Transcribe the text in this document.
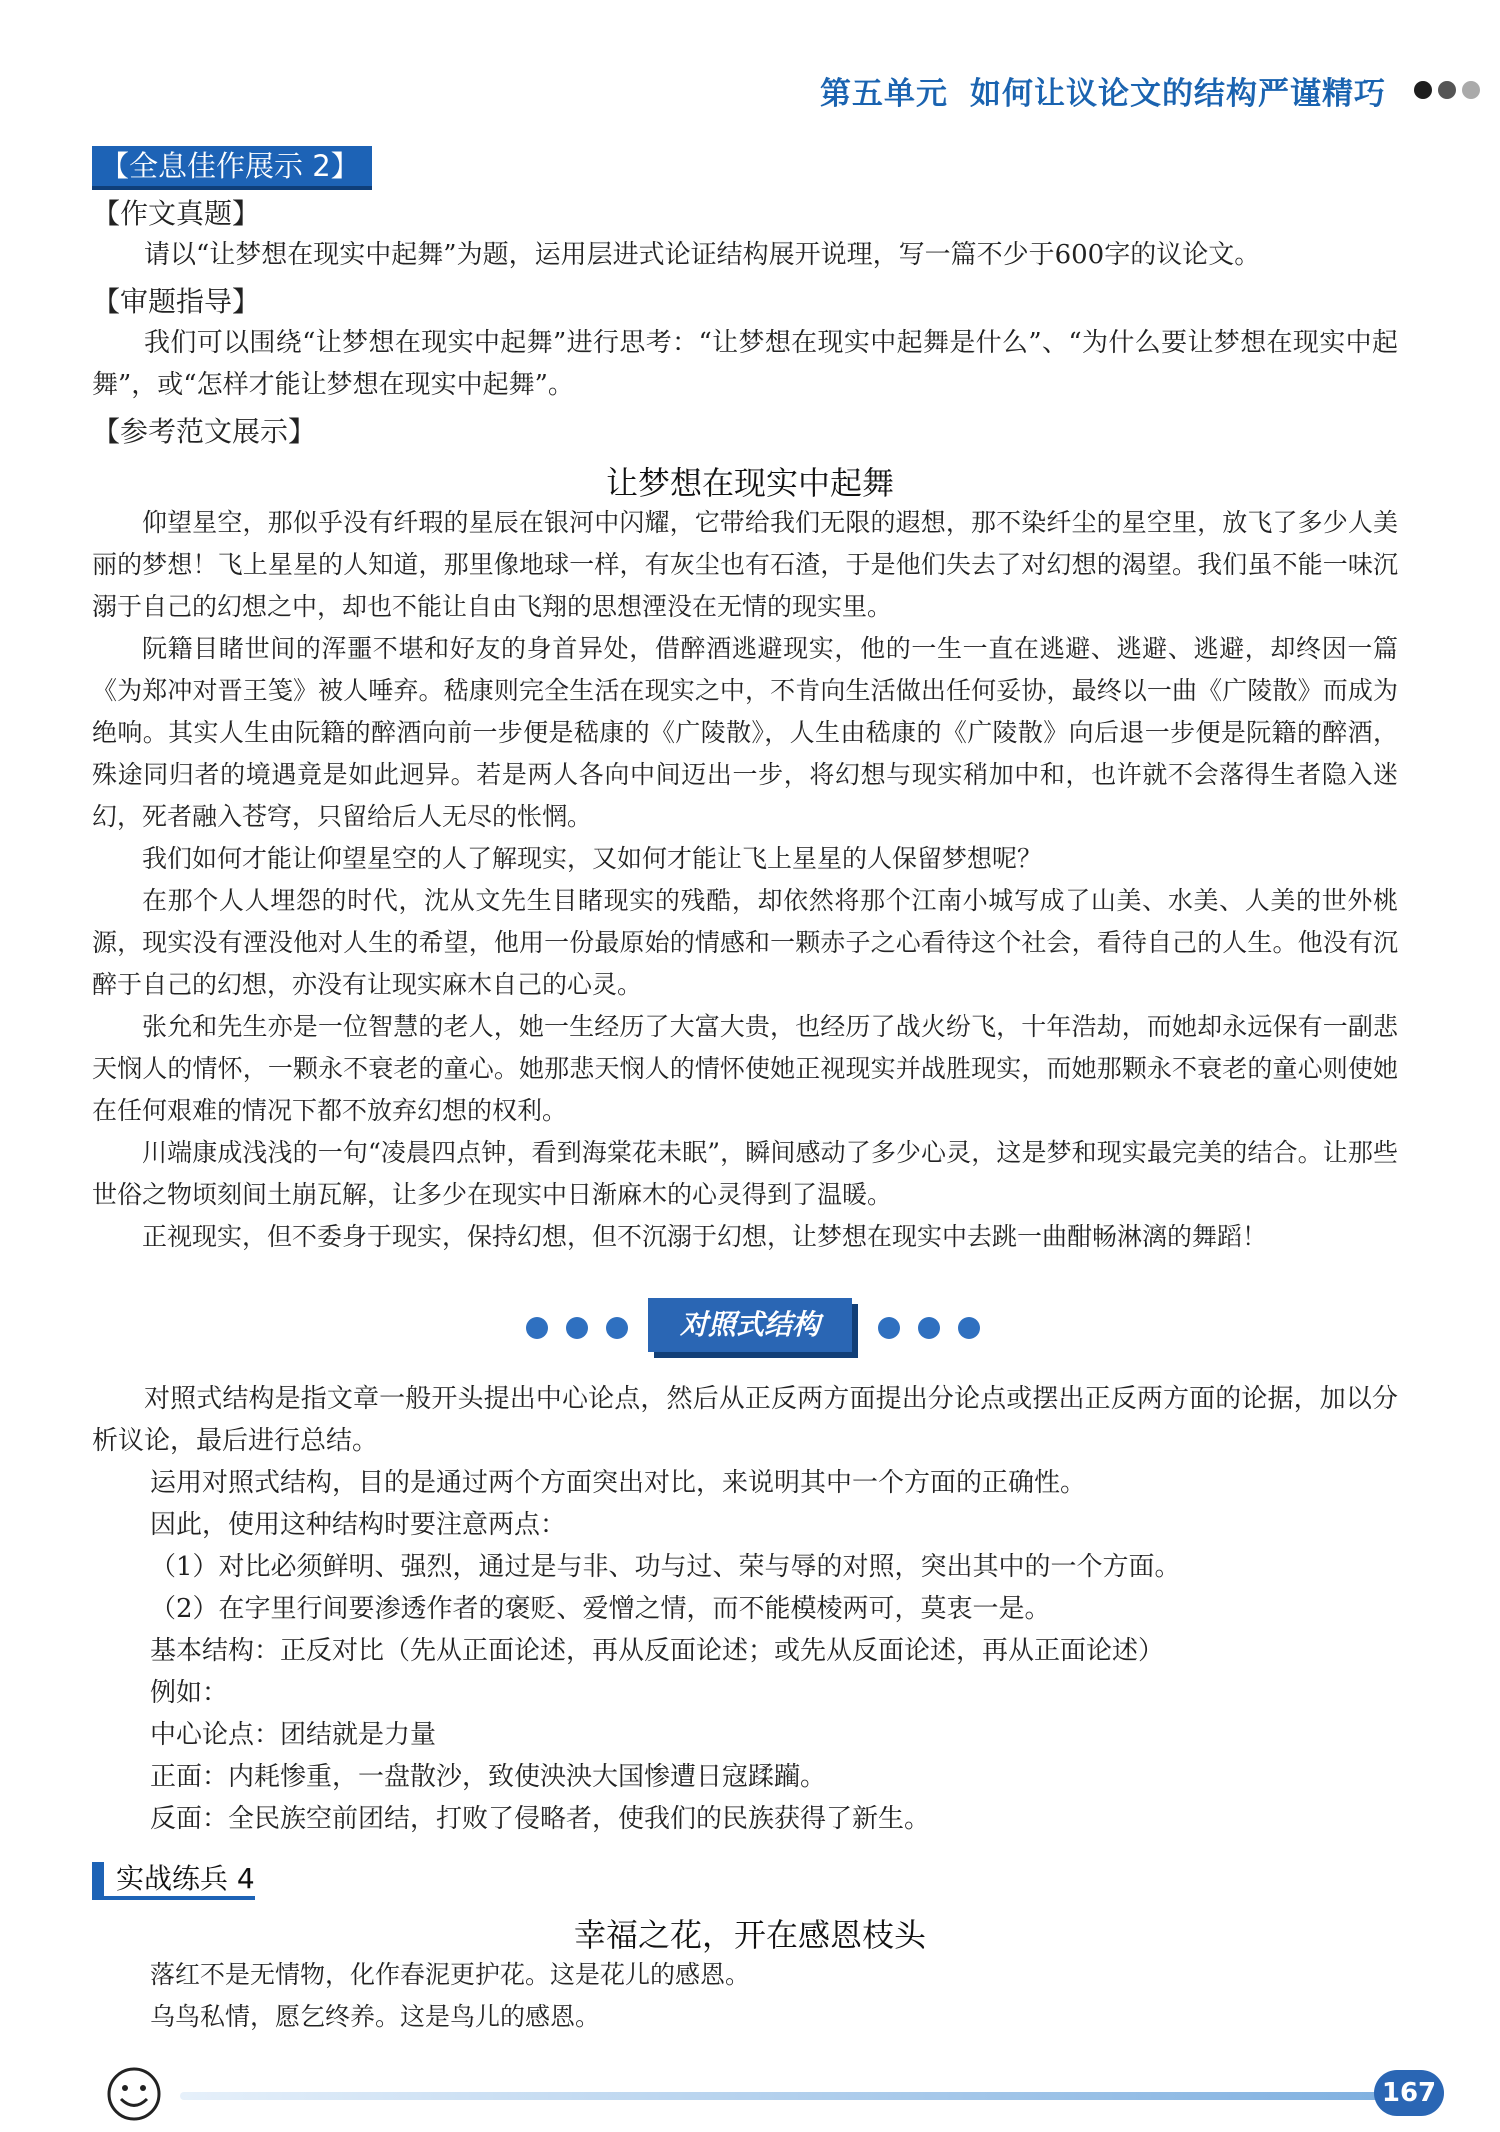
第五单元 如何让议论文的结构严谨精巧
【全息佳作展示 2】
【作文真题】
请以“让梦想在现实中起舞”为题，运用层进式论证结构展开说理，写一篇不少于600字的议论文。
【审题指导】
我们可以围绕“让梦想在现实中起舞”进行思考：“让梦想在现实中起舞是什么”、“为什么要让梦想在现实中起舞”，或“怎样才能让梦想在现实中起舞”。
【参考范文展示】
让梦想在现实中起舞
仰望星空，那似乎没有纤瑕的星辰在银河中闪耀，它带给我们无限的遐想，那不染纤尘的星空里，放飞了多少人美丽的梦想！飞上星星的人知道，那里像地球一样，有灰尘也有石渣，于是他们失去了对幻想的渴望。我们虽不能一味沉溺于自己的幻想之中，却也不能让自由飞翔的思想湮没在无情的现实里。
阮籍目睹世间的浑噩不堪和好友的身首异处，借醉酒逃避现实，他的一生一直在逃避、逃避、逃避，却终因一篇《为郑冲对晋王笺》被人唾弃。嵇康则完全生活在现实之中，不肯向生活做出任何妥协，最终以一曲《广陵散》而成为绝响。其实人生由阮籍的醉酒向前一步便是嵇康的《广陵散》，人生由嵇康的《广陵散》向后退一步便是阮籍的醉酒，殊途同归者的境遇竟是如此迥异。若是两人各向中间迈出一步，将幻想与现实稍加中和，也许就不会落得生者隐入迷幻，死者融入苍穹，只留给后人无尽的怅惘。
我们如何才能让仰望星空的人了解现实，又如何才能让飞上星星的人保留梦想呢？
在那个人人埋怨的时代，沈从文先生目睹现实的残酷，却依然将那个江南小城写成了山美、水美、人美的世外桃源，现实没有湮没他对人生的希望，他用一份最原始的情感和一颗赤子之心看待这个社会，看待自己的人生。他没有沉醉于自己的幻想，亦没有让现实麻木自己的心灵。
张允和先生亦是一位智慧的老人，她一生经历了大富大贵，也经历了战火纷飞，十年浩劫，而她却永远保有一副悲天悯人的情怀，一颗永不衰老的童心。她那悲天悯人的情怀使她正视现实并战胜现实，而她那颗永不衰老的童心则使她在任何艰难的情况下都不放弃幻想的权利。
川端康成浅浅的一句“凌晨四点钟，看到海棠花未眠”，瞬间感动了多少心灵，这是梦和现实最完美的结合。让那些世俗之物顷刻间土崩瓦解，让多少在现实中日渐麻木的心灵得到了温暖。
正视现实，但不委身于现实，保持幻想，但不沉溺于幻想，让梦想在现实中去跳一曲酣畅淋漓的舞蹈！
对照式结构
对照式结构是指文章一般开头提出中心论点，然后从正反两方面提出分论点或摆出正反两方面的论据，加以分析议论，最后进行总结。
运用对照式结构，目的是通过两个方面突出对比，来说明其中一个方面的正确性。
因此，使用这种结构时要注意两点：
（1）对比必须鲜明、强烈，通过是与非、功与过、荣与辱的对照，突出其中的一个方面。
（2）在字里行间要渗透作者的褒贬、爱憎之情，而不能模棱两可，莫衷一是。
基本结构：正反对比（先从正面论述，再从反面论述；或先从反面论述，再从正面论述）
例如：
中心论点：团结就是力量
正面：内耗惨重，一盘散沙，致使泱泱大国惨遭日寇蹂躏。
反面：全民族空前团结，打败了侵略者，使我们的民族获得了新生。
实战练兵 4
幸福之花，开在感恩枝头
落红不是无情物，化作春泥更护花。这是花儿的感恩。
乌鸟私情，愿乞终养。这是鸟儿的感恩。
167
